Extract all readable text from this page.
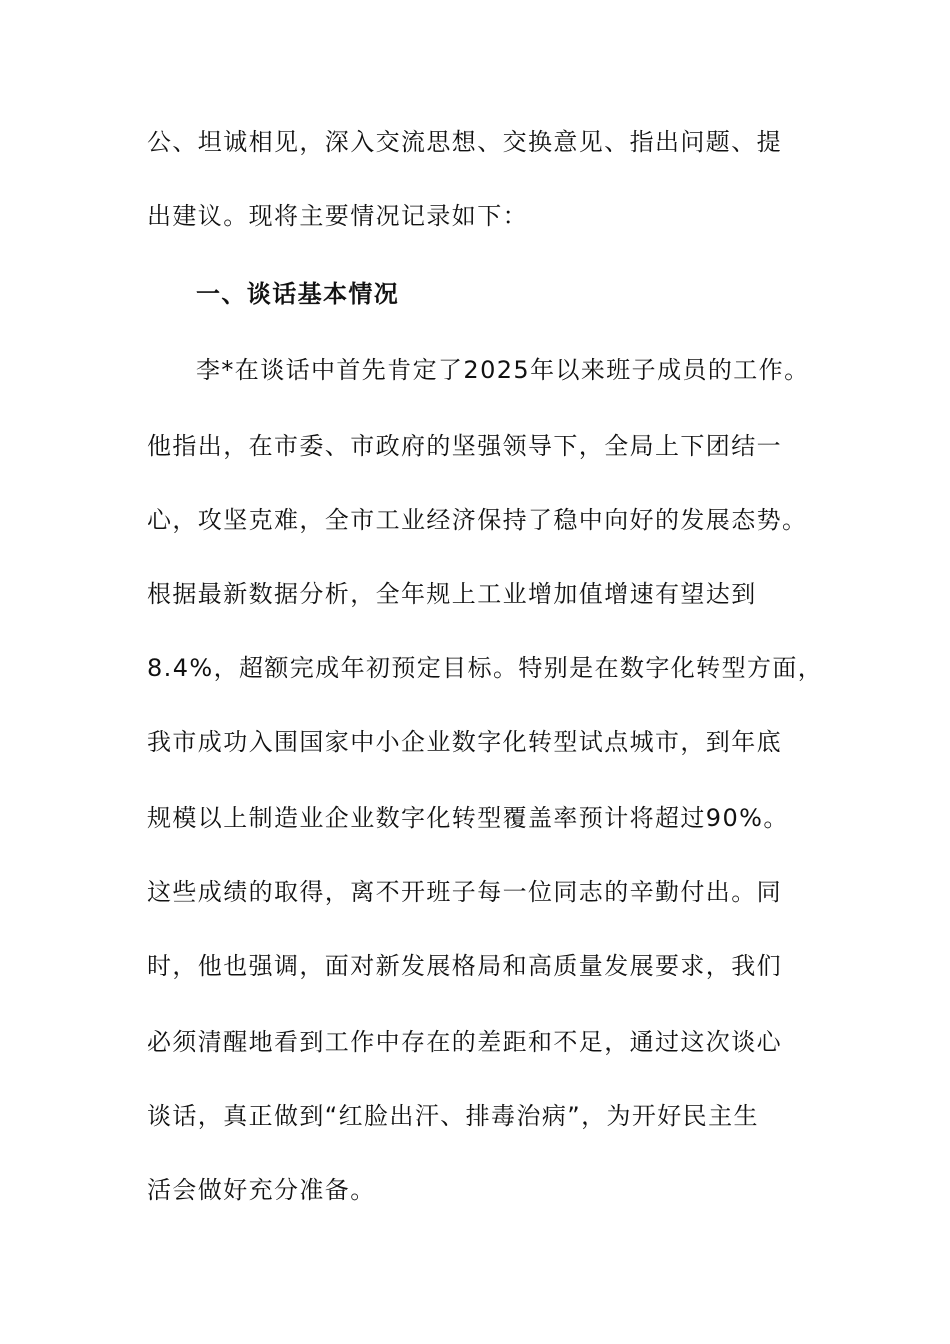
公、坦诚相见，深入交流思想、交换意见、指出问题、提
出建议。现将主要情况记录如下：
一、谈话基本情况
李*在谈话中首先肯定了2025年以来班子成员的工作。
他指出，在市委、市政府的坚强领导下，全局上下团结一
心，攻坚克难，全市工业经济保持了稳中向好的发展态势。
根据最新数据分析，全年规上工业增加值增速有望达到
8.4%，超额完成年初预定目标。特别是在数字化转型方面，
我市成功入围国家中小企业数字化转型试点城市，到年底
规模以上制造业企业数字化转型覆盖率预计将超过90%。
这些成绩的取得，离不开班子每一位同志的辛勤付出。同
时，他也强调，面对新发展格局和高质量发展要求，我们
必须清醒地看到工作中存在的差距和不足，通过这次谈心
谈话，真正做到“红脸出汗、排毒治病”，为开好民主生
活会做好充分准备。
